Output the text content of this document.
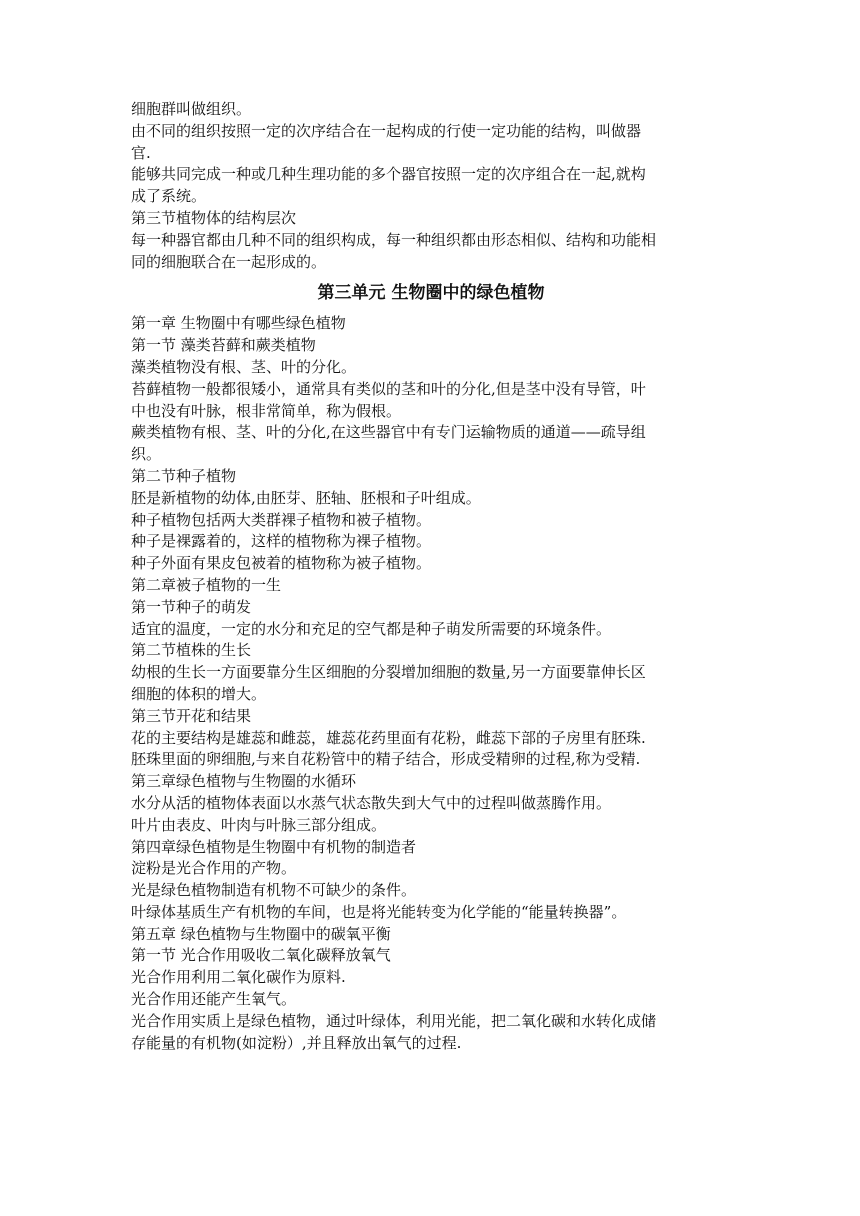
细胞群叫做组织。
由不同的组织按照一定的次序结合在一起构成的行使一定功能的结构，叫做器
官.
能够共同完成一种或几种生理功能的多个器官按照一定的次序组合在一起,就构
成了系统。
第三节植物体的结构层次
每一种器官都由几种不同的组织构成，每一种组织都由形态相似、结构和功能相
同的细胞联合在一起形成的。
第三单元 生物圈中的绿色植物
第一章 生物圈中有哪些绿色植物
第一节 藻类苔藓和蕨类植物
藻类植物没有根、茎、叶的分化。
苔藓植物一般都很矮小，通常具有类似的茎和叶的分化,但是茎中没有导管，叶
中也没有叶脉，根非常简单，称为假根。
蕨类植物有根、茎、叶的分化,在这些器官中有专门运输物质的通道——疏导组
织。
第二节种子植物
胚是新植物的幼体,由胚芽、胚轴、胚根和子叶组成。
种子植物包括两大类群裸子植物和被子植物。
种子是裸露着的，这样的植物称为裸子植物。
种子外面有果皮包被着的植物称为被子植物。
第二章被子植物的一生
第一节种子的萌发
适宜的温度，一定的水分和充足的空气都是种子萌发所需要的环境条件。
第二节植株的生长
幼根的生长一方面要靠分生区细胞的分裂增加细胞的数量,另一方面要靠伸长区
细胞的体积的增大。
第三节开花和结果
花的主要结构是雄蕊和雌蕊，雄蕊花药里面有花粉，雌蕊下部的子房里有胚珠.
胚珠里面的卵细胞,与来自花粉管中的精子结合，形成受精卵的过程,称为受精.
第三章绿色植物与生物圈的水循环
水分从活的植物体表面以水蒸气状态散失到大气中的过程叫做蒸腾作用。
叶片由表皮、叶肉与叶脉三部分组成。
第四章绿色植物是生物圈中有机物的制造者
淀粉是光合作用的产物。
光是绿色植物制造有机物不可缺少的条件。
叶绿体基质生产有机物的车间，也是将光能转变为化学能的“能量转换器”。
第五章 绿色植物与生物圈中的碳氧平衡
第一节 光合作用吸收二氧化碳释放氧气
光合作用利用二氧化碳作为原料.
光合作用还能产生氧气。
光合作用实质上是绿色植物，通过叶绿体，利用光能，把二氧化碳和水转化成储
存能量的有机物(如淀粉）,并且释放出氧气的过程.
